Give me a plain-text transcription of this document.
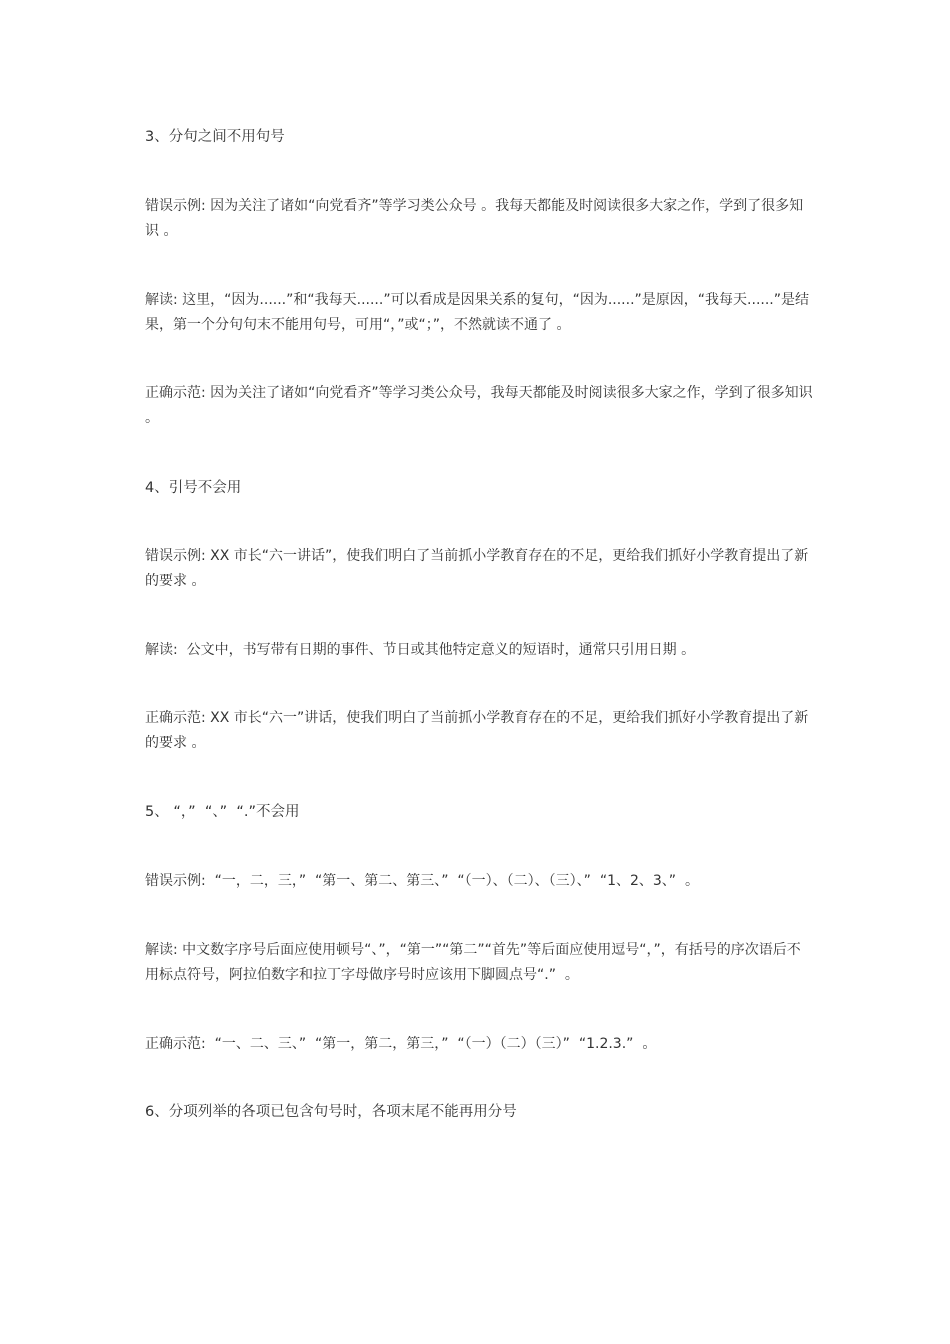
3、分句之间不用句号

错误示例: 因为关注了诸如“向党看齐”等学习类公众号 。我每天都能及时阅读很多大家之作，学到了很多知识 。

解读: 这里，“因为......”和“我每天......”可以看成是因果关系的复句，“因为......”是原因，“我每天......”是结果，第一个分句句末不能用句号，可用“，”或“；”，不然就读不通了 。

正确示范: 因为关注了诸如“向党看齐”等学习类公众号，我每天都能及时阅读很多大家之作，学到了很多知识 。

4、引号不会用

错误示例: XX 市长“六一讲话”，使我们明白了当前抓小学教育存在的不足，更给我们抓好小学教育提出了新的要求 。

解读:  公文中，书写带有日期的事件、节日或其他特定意义的短语时，通常只引用日期 。

正确示范: XX 市长“六一”讲话，使我们明白了当前抓小学教育存在的不足，更给我们抓好小学教育提出了新的要求 。

5、 “，”  “、”  “.”不会用

错误示例:  “一，二，三，”  “第一、第二、第三、”  “（一）、（二）、（三）、”  “1、2、3、”  。

解读: 中文数字序号后面应使用顿号“、”，“第一”“第二”“首先”等后面应使用逗号“，”，有括号的序次语后不用标点符号，阿拉伯数字和拉丁字母做序号时应该用下脚圆点号“.”  。

正确示范:  “一、二、三、”  “第一，第二，第三，”  “（一）（二）（三）”  “1.2.3.”  。

6、分项列举的各项已包含句号时，各项末尾不能再用分号
